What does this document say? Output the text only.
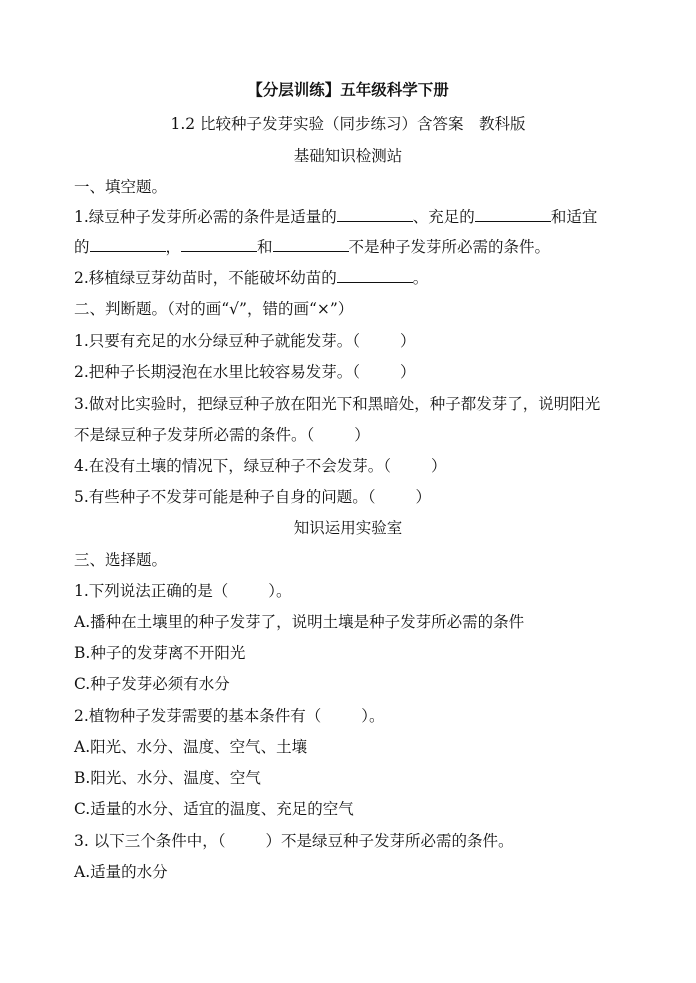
【分层训练】五年级科学下册
1.2 比较种子发芽实验（同步练习）含答案　教科版
基础知识检测站
一、填空题。
1.绿豆种子发芽所必需的条件是适量的	、充足的	和适宜
的	，	和	不是种子发芽所必需的条件。
2.移植绿豆芽幼苗时，不能破坏幼苗的	。
二、判断题。（对的画“√”，错的画“×”）
1.只要有充足的水分绿豆种子就能发芽。（	）
2.把种子长期浸泡在水里比较容易发芽。（	）
3.做对比实验时，把绿豆种子放在阳光下和黑暗处，种子都发芽了，说明阳光
不是绿豆种子发芽所必需的条件。（	）
4.在没有土壤的情况下，绿豆种子不会发芽。（	）
5.有些种子不发芽可能是种子自身的问题。（	）
知识运用实验室
三、选择题。
1.下列说法正确的是（	）。
A.播种在土壤里的种子发芽了，说明土壤是种子发芽所必需的条件
B.种子的发芽离不开阳光
C.种子发芽必须有水分
2.植物种子发芽需要的基本条件有（	）。
A.阳光、水分、温度、空气、土壤
B.阳光、水分、温度、空气
C.适量的水分、适宜的温度、充足的空气
3. 以下三个条件中，（	）不是绿豆种子发芽所必需的条件。
A.适量的水分
